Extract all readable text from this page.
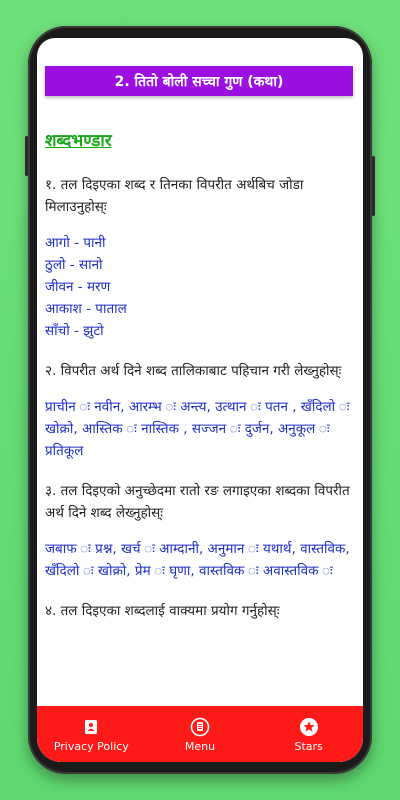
2. तितो बोली सच्चा गुण (कथा)
शब्दभण्डार
१. तल दिइएका शब्द र तिनका विपरीत अर्थबिच जोडा मिलाउनुहोस्ः
आगो - पानी
ठुलो - सानो
जीवन - मरण
आकाश - पाताल
साँचो - झुटो
२. विपरीत अर्थ दिने शब्द तालिकाबाट पहिचान गरी लेख्नुहोस्ः
प्राचीन ः नवीन, आरम्भ ः अन्त्य, उत्थान ः पतन , खँदिलो ः खोक्रो, आस्तिक ः नास्तिक , सज्जन ः दुर्जन, अनुकूल ः प्रतिकूल
३. तल दिइएको अनुच्छेदमा रातो रङ लगाइएका शब्दका विपरीत अर्थ दिने शब्द लेख्नुहोस्ः
जबाफ ः प्रश्न, खर्च ः आम्दानी, अनुमान ः यथार्थ, वास्तविक, खँदिलो ः खोक्रो, प्रेम ः घृणा, वास्तविक ः अवास्तविक ः
४. तल दिइएका शब्दलाई वाक्यमा प्रयोग गर्नुहोस्ः
Privacy Policy	Menu	Stars
